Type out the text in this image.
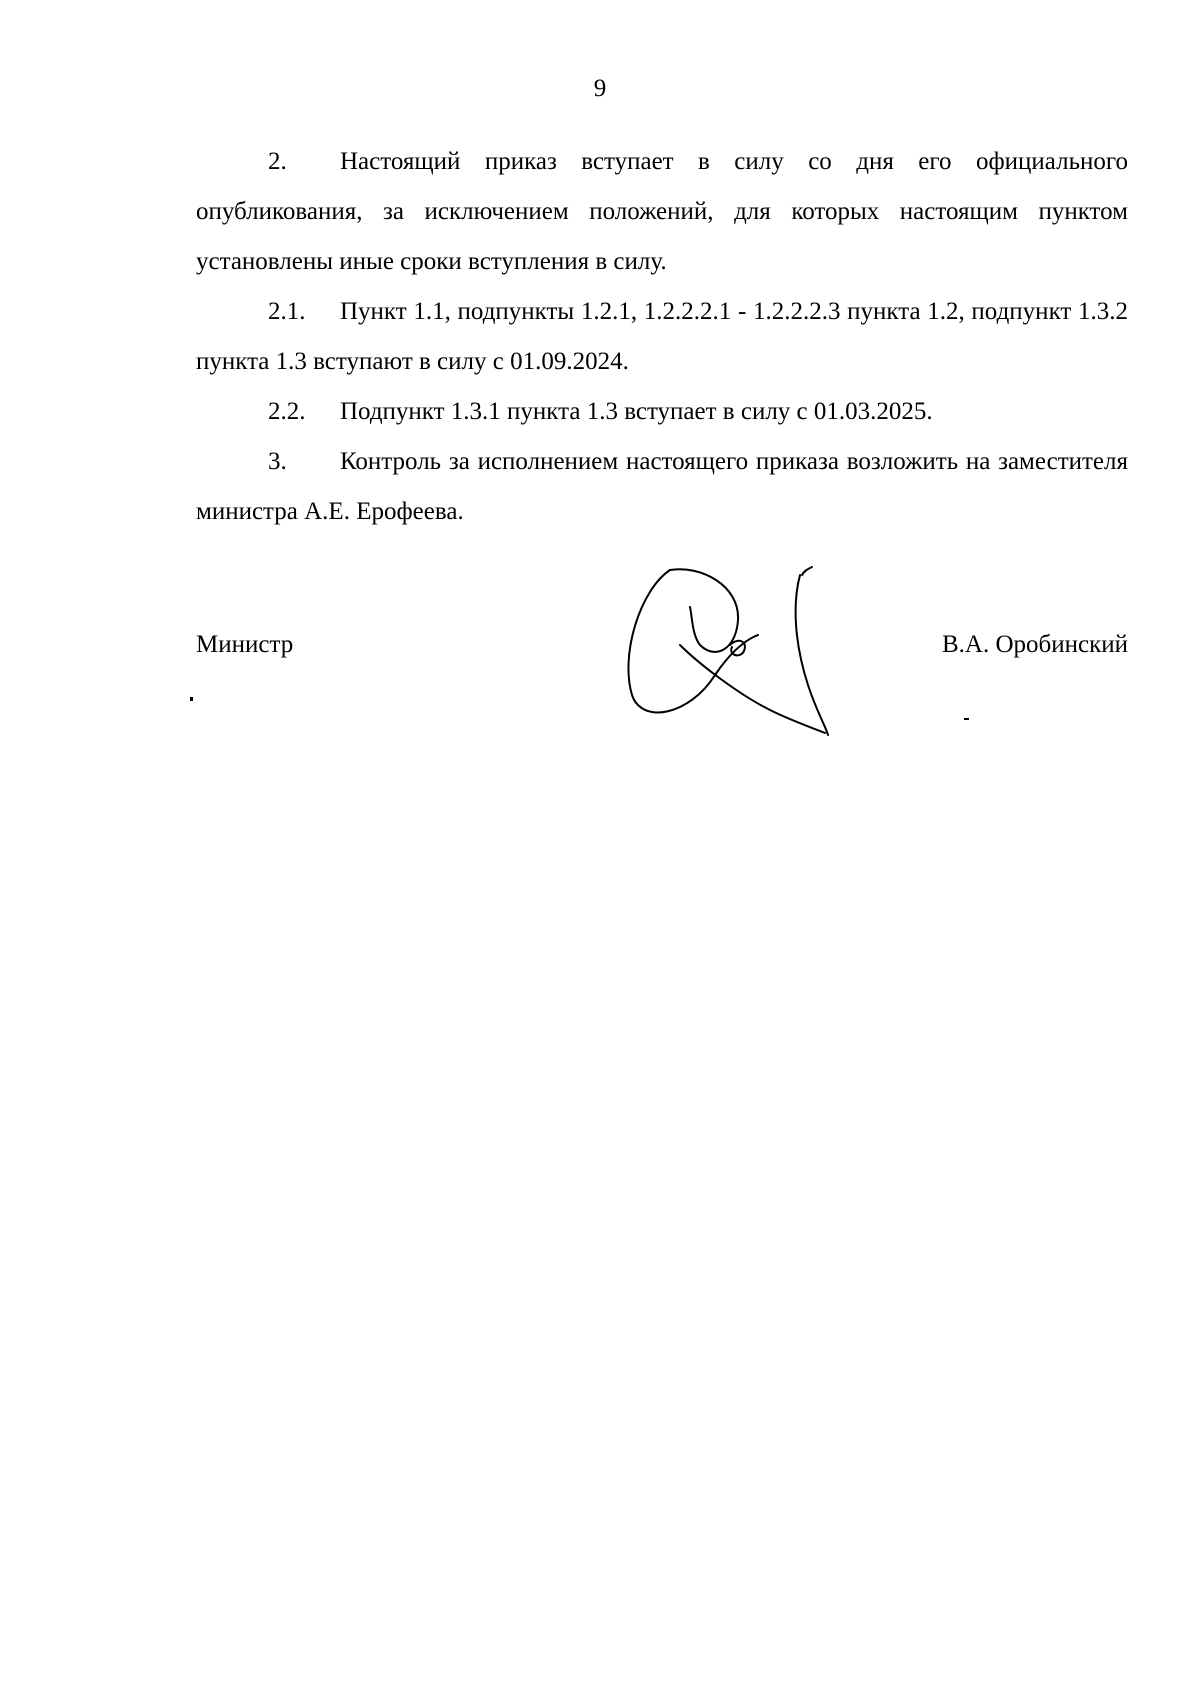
9

2. Настоящий приказ вступает в силу со дня его официального опубликования, за исключением положений, для которых настоящим пунктом установлены иные сроки вступления в силу.

2.1. Пункт 1.1, подпункты 1.2.1, 1.2.2.2.1 - 1.2.2.2.3 пункта 1.2, подпункт 1.3.2 пункта 1.3 вступают в силу с 01.09.2024.

2.2. Подпункт 1.3.1 пункта 1.3 вступает в силу с 01.03.2025.

3. Контроль за исполнением настоящего приказа возложить на заместителя министра А.Е. Ерофеева.

Министр	В.А. Оробинский
